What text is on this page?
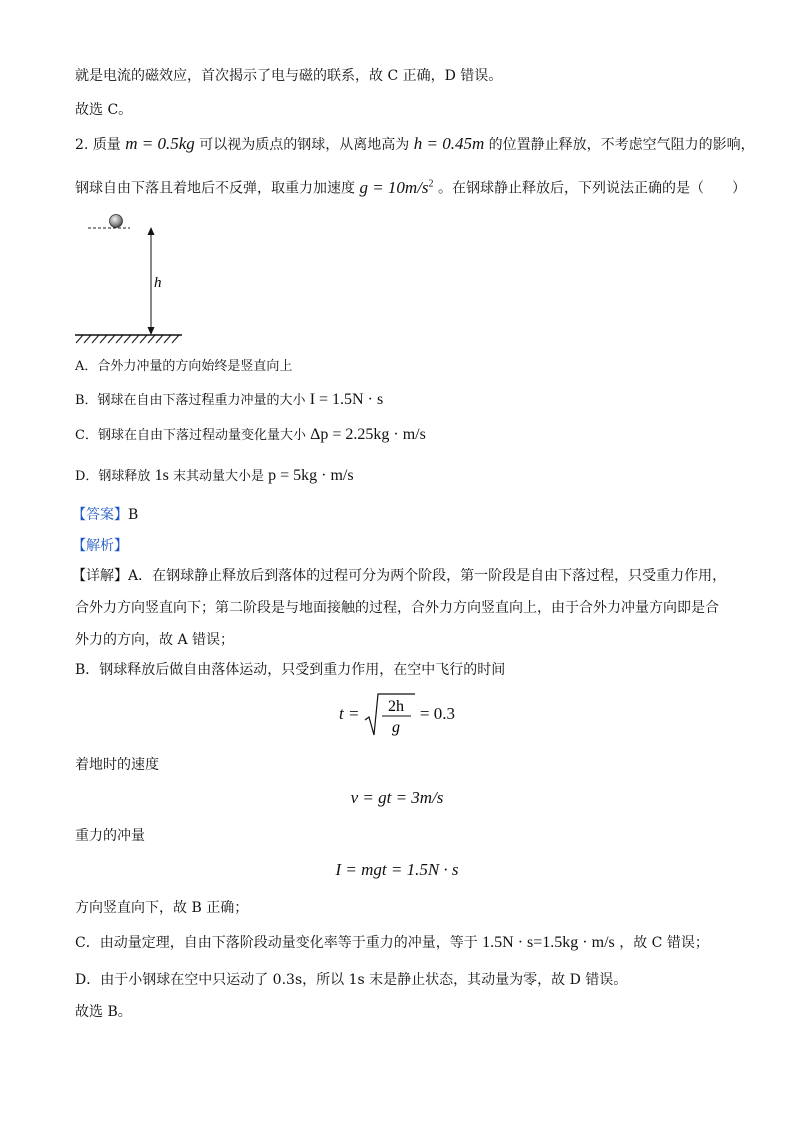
就是电流的磁效应，首次揭示了电与磁的联系，故 C 正确，D 错误。
故选 C。
2. 质量 m = 0.5kg 可以视为质点的钢球，从离地高为 h = 0.45m 的位置静止释放，不考虑空气阻力的影响，
钢球自由下落且着地后不反弹，取重力加速度 $g = 10m/s^2$ 。在钢球静止释放后，下列说法正确的是（　　）
h
A．合外力冲量的方向始终是竖直向上
B．钢球在自由下落过程重力冲量的大小 I = 1.5N · s
C．钢球在自由下落过程动量变化量大小 Δp = 2.25kg · m/s
D．钢球释放 1s 末其动量大小是 p = 5kg · m/s
【答案】B
【解析】
【详解】A．在钢球静止释放后到落体的过程可分为两个阶段，第一阶段是自由下落过程，只受重力作用，
合外力方向竖直向下；第二阶段是与地面接触的过程，合外力方向竖直向上，由于合外力冲量方向即是合
外力的方向，故 A 错误；
B．钢球释放后做自由落体运动，只受到重力作用，在空中飞行的时间
t = 2h
g
= 0.3
着地时的速度
v = gt = 3m/s
重力的冲量
I = mgt = 1.5N · s
方向竖直向下，故 B 正确；
C．由动量定理，自由下落阶段动量变化率等于重力的冲量，等于 1.5N · s=1.5kg · m/s ，故 C 错误；
D．由于小钢球在空中只运动了 0.3s，所以 1s 末是静止状态，其动量为零，故 D 错误。
故选 B。
